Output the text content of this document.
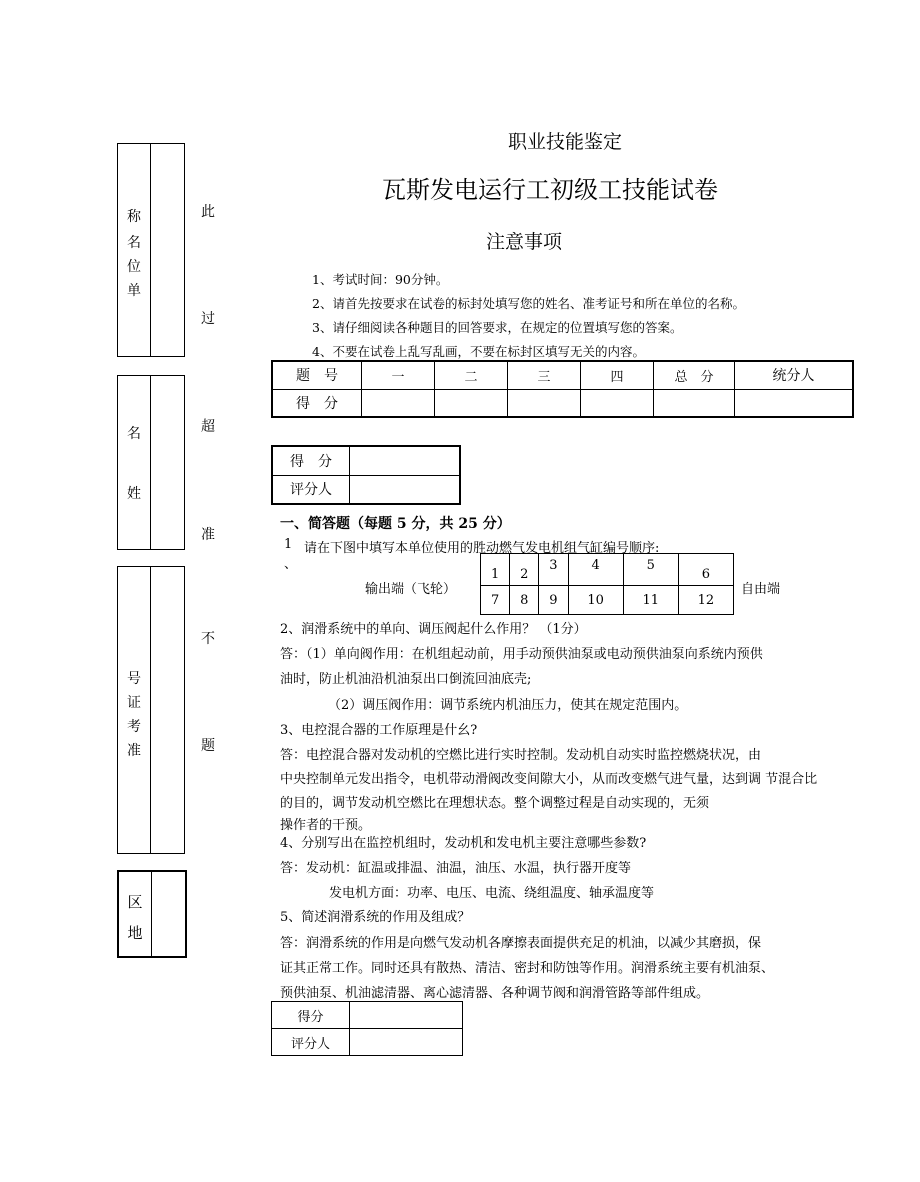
称
名
位
单
名
姓
号
证
考
准
区
地
此
过
超
准
不
题
职业技能鉴定
瓦斯发电运行工初级工技能试卷
注意事项
1、考试时间：90分钟。
2、请首先按要求在试卷的标封处填写您的姓名、准考证号和所在单位的名称。
3、请仔细阅读各种题目的回答要求，在规定的位置填写您的答案。
4、不要在试卷上乱写乱画，不要在标封区填写无关的内容。
题　号	一	二	三	四	总　分	统分人
得　分						
得　分	
评分人	
一、简答题（每题 5 分，共 25 分）
1 请在下图中填写本单位使用的胜动燃气发电机组气缸编号顺序:
、
输出端（飞轮）
1	2	3	4	5	6
7	8	9	10	11	12
自由端
2、润滑系统中的单向、调压阀起什么作用？ （1分）
答：（1）单向阀作用：在机组起动前，用手动预供油泵或电动预供油泵向系统内预供
油时，防止机油沿机油泵出口倒流回油底壳;
（2）调压阀作用：调节系统内机油压力，使其在规定范围内。
3、电控混合器的工作原理是什幺?
答：电控混合器对发动机的空燃比进行实时控制。发动机自动实时监控燃烧状况，由
中央控制单元发出指令，电机带动滑阀改变间隙大小，从而改变燃气进气量，达到调 节混合比
的目的，调节发动机空燃比在理想状态。整个调整过程是自动实现的，无须
操作者的干预。
4、分别写出在监控机组时，发动机和发电机主要注意哪些参数?
答：发动机：缸温或排温、油温，油压、水温，执行器开度等
发电机方面：功率、电压、电流、绕组温度、轴承温度等
5、简述润滑系统的作用及组成？
答：润滑系统的作用是向燃气发动机各摩擦表面提供充足的机油，以减少其磨损，保
证其正常工作。同时还具有散热、清洁、密封和防蚀等作用。润滑系统主要有机油泵、
预供油泵、机油滤清器、离心滤清器、各种调节阀和润滑管路等部件组成。
得分	
评分人	
